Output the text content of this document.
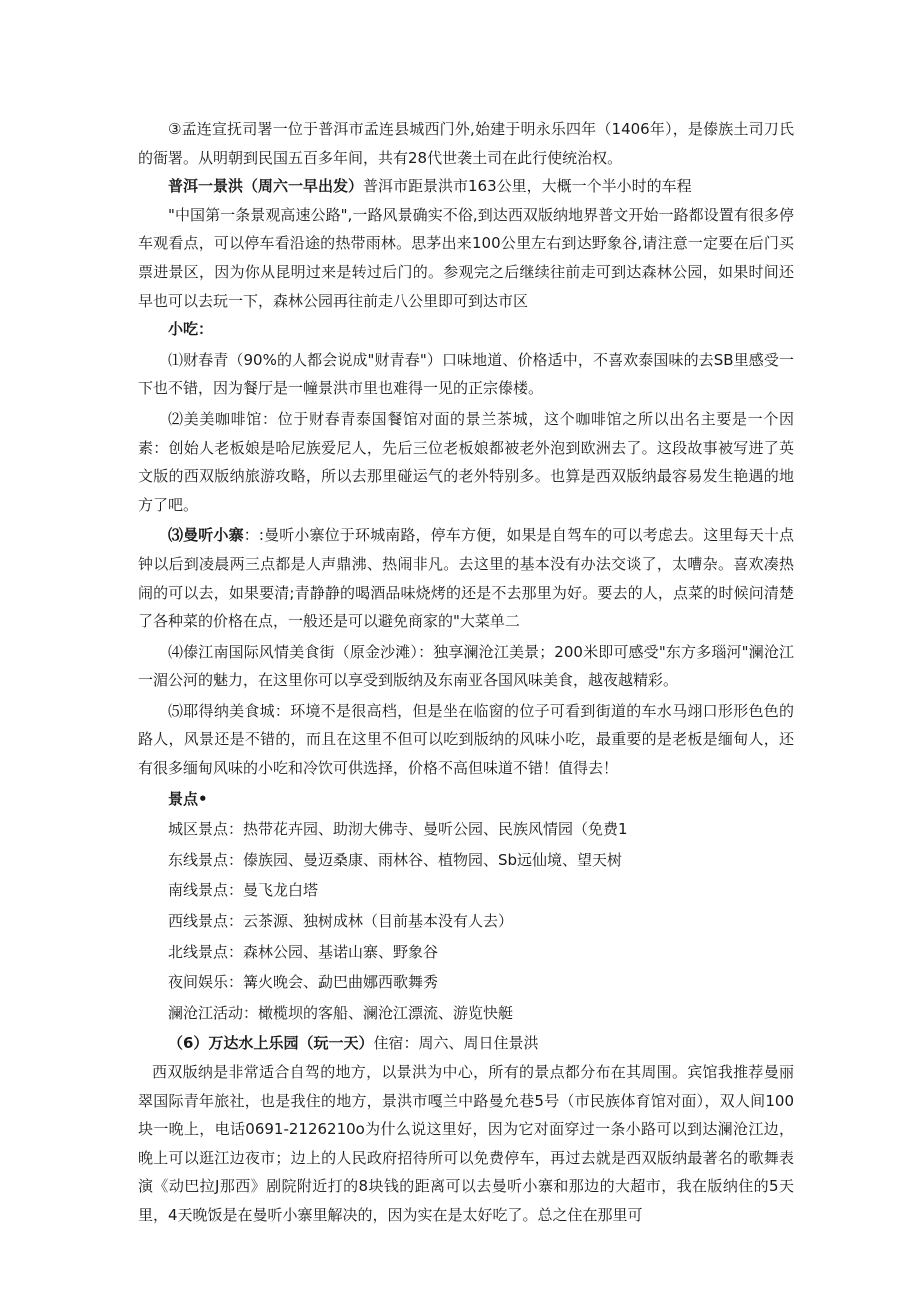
③孟连宣抚司署一位于普洱市孟连县城西门外,始建于明永乐四年（1406年），是傣族土司刀氏的衙署。从明朝到民国五百多年间，共有28代世袭土司在此行使统治权。

普洱一景洪（周六一早出发）普洱市距景洪市163公里，大概一个半小时的车程

"中国第一条景观高速公路",一路风景确实不俗,到达西双版纳地界普文开始一路都设置有很多停车观看点，可以停车看沿途的热带雨林。思茅出来100公里左右到达野象谷,请注意一定要在后门买票进景区，因为你从昆明过来是转过后门的。参观完之后继续往前走可到达森林公园，如果时间还早也可以去玩一下，森林公园再往前走八公里即可到达市区

小吃：

⑴财春青（90%的人都会说成"财青春"）口味地道、价格适中，不喜欢泰国味的去SB里感受一下也不错，因为餐厅是一幢景洪市里也难得一见的正宗傣楼。

⑵美美咖啡馆：位于财春青泰国餐馆对面的景兰茶城，这个咖啡馆之所以出名主要是一个因素：创始人老板娘是哈尼族爱尼人，先后三位老板娘都被老外泡到欧洲去了。这段故事被写进了英文版的西双版纳旅游攻略，所以去那里碰运气的老外特别多。也算是西双版纳最容易发生艳遇的地方了吧。

⑶曼听小寨：:曼听小寨位于环城南路，停车方便，如果是自驾车的可以考虑去。这里每天十点钟以后到凌晨两三点都是人声鼎沸、热闹非凡。去这里的基本没有办法交谈了，太嘈杂。喜欢凑热闹的可以去，如果要清;青静静的喝酒品味烧烤的还是不去那里为好。要去的人，点菜的时候问清楚了各种菜的价格在点，一般还是可以避免商家的"大菜单二

⑷傣江南国际风情美食街（原金沙滩）：独享澜沧江美景；200米即可感受"东方多瑙河"澜沧江一湄公河的魅力，在这里你可以享受到版纳及东南亚各国风味美食，越夜越精彩。

⑸耶得纳美食城：环境不是很高档，但是坐在临窗的位子可看到街道的车水马翊口形形色色的路人，风景还是不错的，而且在这里不但可以吃到版纳的风味小吃，最重要的是老板是缅甸人，还有很多缅甸风味的小吃和冷饮可供选择，价格不高但味道不错！值得去！

景点•

城区景点：热带花卉园、助沏大佛寺、曼听公园、民族风情园（免费1

东线景点：傣族园、曼迈桑康、雨林谷、植物园、Sb远仙境、望天树

南线景点：曼飞龙白塔

西线景点：云茶源、独树成林（目前基本没有人去）

北线景点：森林公园、基诺山寨、野象谷

夜间娱乐：篝火晚会、勐巴曲娜西歌舞秀

澜沧江活动：橄榄坝的客船、澜沧江漂流、游览快艇

（6）万达水上乐园（玩一天）住宿：周六、周日住景洪

西双版纳是非常适合自驾的地方，以景洪为中心，所有的景点都分布在其周围。宾馆我推荐曼丽翠国际青年旅社，也是我住的地方，景洪市嘎兰中路曼允巷5号（市民族体育馆对面），双人间100块一晚上，电话0691-2126210o为什么说这里好，因为它对面穿过一条小路可以到达澜沧江边，晚上可以逛江边夜市；边上的人民政府招待所可以免费停车，再过去就是西双版纳最著名的歌舞表演《动巴拉J那西》剧院附近打的8块钱的距离可以去曼听小寨和那边的大超市，我在版纳住的5天里，4天晚饭是在曼听小寨里解决的，因为实在是太好吃了。总之住在那里可
